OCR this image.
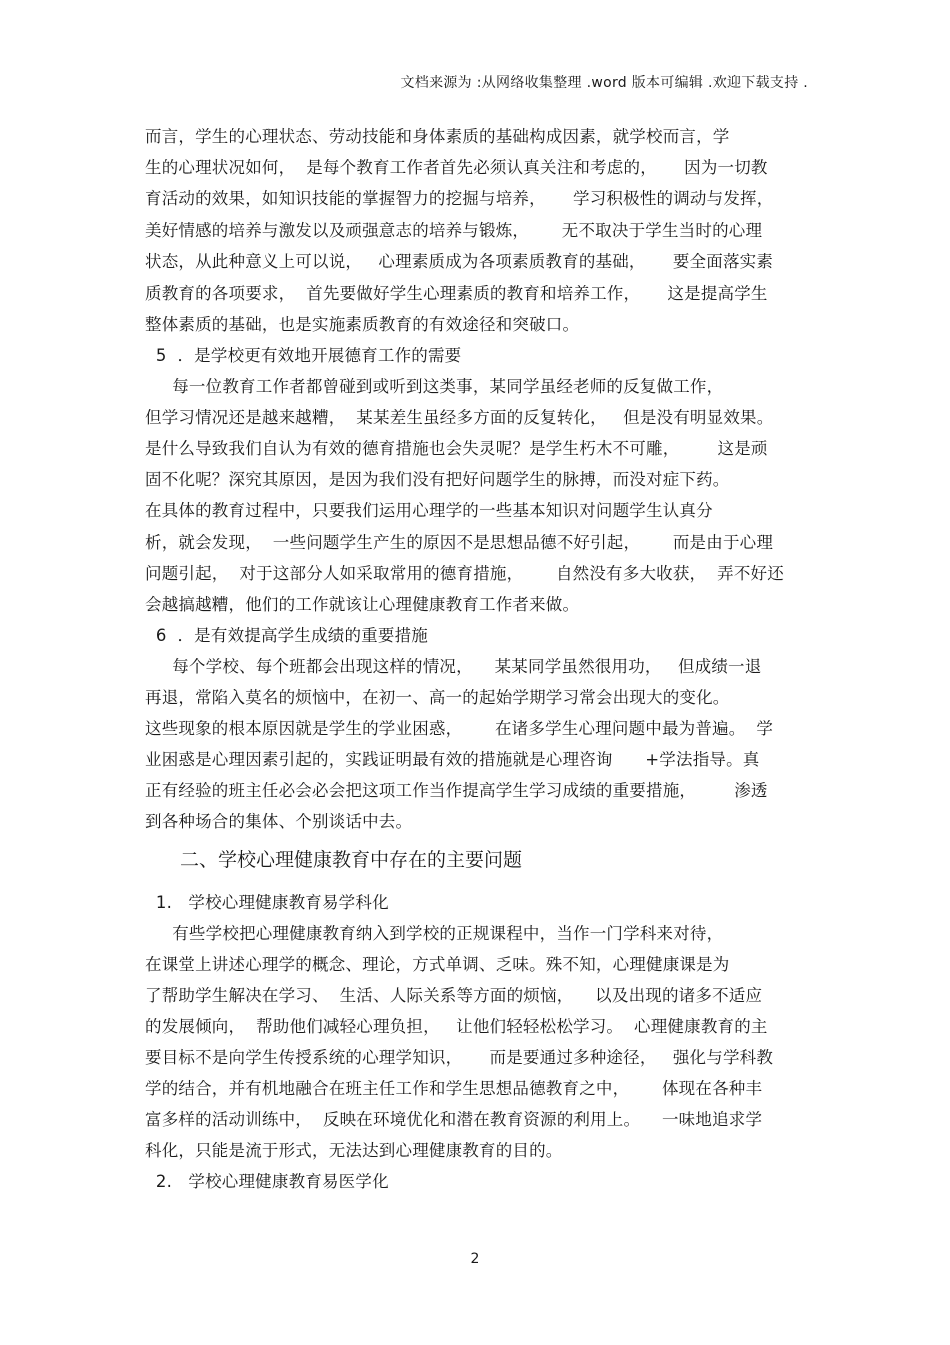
文档来源为 :从网络收集整理 .word 版本可编辑 .欢迎下载支持 .
而言，学生的心理状态、劳动技能和身体素质的基础构成因素，就学校而言，学
生的心理状况如何，  是每个教育工作者首先必须认真关注和考虑的，     因为一切教
育活动的效果，如知识技能的掌握智力的挖掘与培养，     学习积极性的调动与发挥，
美好情感的培养与激发以及顽强意志的培养与锻炼，      无不取决于学生当时的心理
状态，从此种意义上可以说，   心理素质成为各项素质教育的基础，     要全面落实素
质教育的各项要求，  首先要做好学生心理素质的教育和培养工作，     这是提高学生
整体素质的基础，也是实施素质教育的有效途径和突破口。
5  ．是学校更有效地开展德育工作的需要
每一位教育工作者都曾碰到或听到这类事，某同学虽经老师的反复做工作，
但学习情况还是越来越糟，  某某差生虽经多方面的反复转化，   但是没有明显效果。
是什么导致我们自认为有效的德育措施也会失灵呢？是学生朽木不可雕，       这是顽
固不化呢？深究其原因，是因为我们没有把好问题学生的脉搏，而没对症下药。
在具体的教育过程中，只要我们运用心理学的一些基本知识对问题学生认真分
析，就会发现，  一些问题学生产生的原因不是思想品德不好引起，      而是由于心理
问题引起，  对于这部分人如采取常用的德育措施，      自然没有多大收获，  弄不好还
会越搞越糟，他们的工作就该让心理健康教育工作者来做。
6  ．是有效提高学生成绩的重要措施
每个学校、每个班都会出现这样的情况，    某某同学虽然很用功，   但成绩一退
再退，常陷入莫名的烦恼中，在初一、高一的起始学期学习常会出现大的变化。
这些现象的根本原因就是学生的学业困惑，      在诸多学生心理问题中最为普遍。  学
业困惑是心理因素引起的，实践证明最有效的措施就是心理咨询      +学法指导。真
正有经验的班主任必会必会把这项工作当作提高学生学习成绩的重要措施，       渗透
到各种场合的集体、个别谈话中去。
二、学校心理健康教育中存在的主要问题
1.   学校心理健康教育易学科化
有些学校把心理健康教育纳入到学校的正规课程中，当作一门学科来对待，
在课堂上讲述心理学的概念、理论，方式单调、乏味。殊不知，心理健康课是为
了帮助学生解决在学习、  生活、人际关系等方面的烦恼，    以及出现的诸多不适应
的发展倾向，  帮助他们减轻心理负担，   让他们轻轻松松学习。  心理健康教育的主
要目标不是向学生传授系统的心理学知识，     而是要通过多种途径，   强化与学科教
学的结合，并有机地融合在班主任工作和学生思想品德教育之中，      体现在各种丰
富多样的活动训练中，  反映在环境优化和潜在教育资源的利用上。    一味地追求学
科化，只能是流于形式，无法达到心理健康教育的目的。
2.   学校心理健康教育易医学化
2
